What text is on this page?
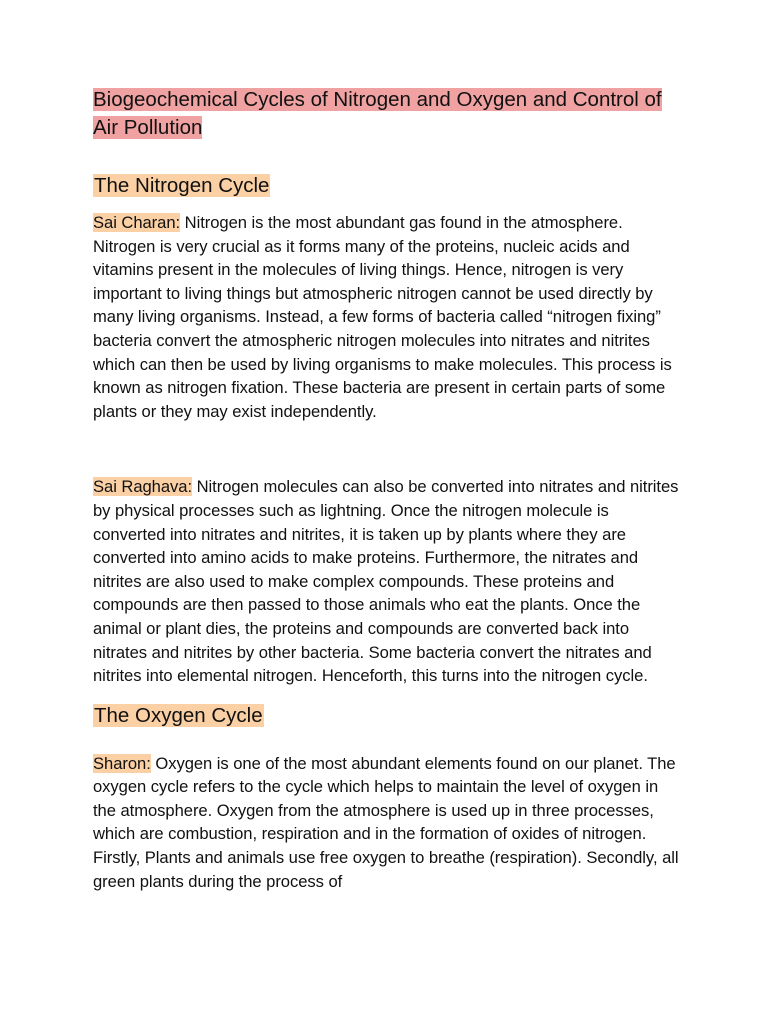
Biogeochemical Cycles of Nitrogen and Oxygen and Control of Air Pollution
The Nitrogen Cycle

Sai Charan: Nitrogen is the most abundant gas found in the atmosphere. Nitrogen is very crucial as it forms many of the proteins, nucleic acids and vitamins present in the molecules of living things. Hence, nitrogen is very important to living things but atmospheric nitrogen cannot be used directly by many living organisms. Instead, a few forms of bacteria called “nitrogen fixing” bacteria convert the atmospheric nitrogen molecules into nitrates and nitrites which can then be used by living organisms to make molecules. This process is known as nitrogen fixation. These bacteria are present in certain parts of some plants or they may exist independently.

Sai Raghava: Nitrogen molecules can also be converted into nitrates and nitrites by physical processes such as lightning. Once the nitrogen molecule is converted into nitrates and nitrites, it is taken up by plants where they are converted into amino acids to make proteins. Furthermore, the nitrates and nitrites are also used to make complex compounds. These proteins and compounds are then passed to those animals who eat the plants. Once the animal or plant dies, the proteins and compounds are converted back into nitrates and nitrites by other bacteria. Some bacteria convert the nitrates and nitrites into elemental nitrogen. Henceforth, this turns into the nitrogen cycle.

The Oxygen Cycle

Sharon: Oxygen is one of the most abundant elements found on our planet. The oxygen cycle refers to the cycle which helps to maintain the level of oxygen in the atmosphere. Oxygen from the atmosphere is used up in three processes, which are combustion, respiration and in the formation of oxides of nitrogen. Firstly, Plants and animals use free oxygen to breathe (respiration). Secondly, all green plants during the process of
